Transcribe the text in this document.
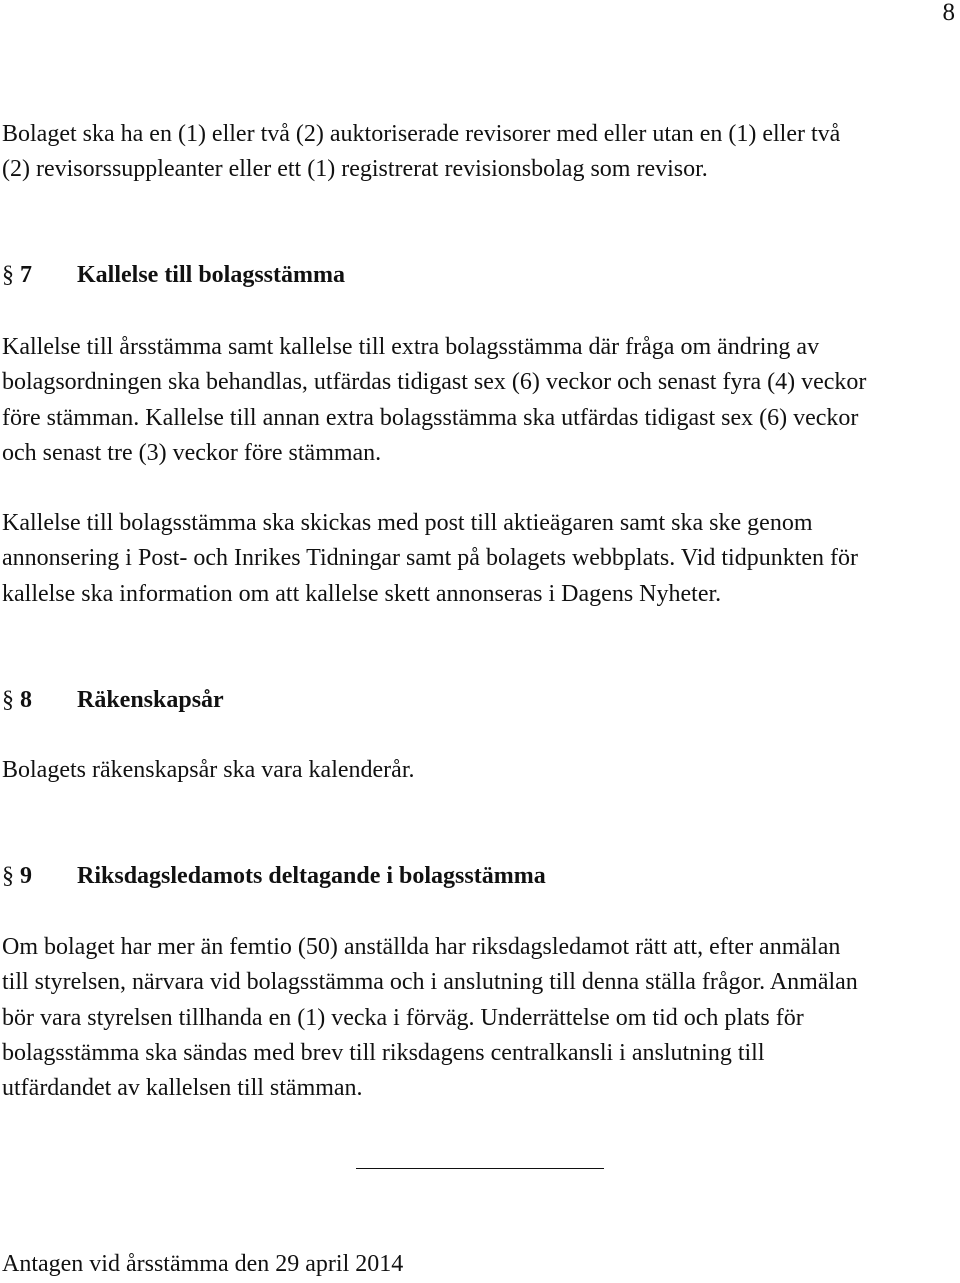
8

Bolaget ska ha en (1) eller två (2) auktoriserade revisorer med eller utan en (1) eller två
(2) revisorssuppleanter eller ett (1) registrerat revisionsbolag som revisor.

§ 7	Kallelse till bolagsstämma

Kallelse till årsstämma samt kallelse till extra bolagsstämma där fråga om ändring av
bolagsordningen ska behandlas, utfärdas tidigast sex (6) veckor och senast fyra (4) veckor
före stämman. Kallelse till annan extra bolagsstämma ska utfärdas tidigast sex (6) veckor
och senast tre (3) veckor före stämman.

Kallelse till bolagsstämma ska skickas med post till aktieägaren samt ska ske genom
annonsering i Post- och Inrikes Tidningar samt på bolagets webbplats. Vid tidpunkten för
kallelse ska information om att kallelse skett annonseras i Dagens Nyheter.

§ 8	Räkenskapsår

Bolagets räkenskapsår ska vara kalenderår.

§ 9	Riksdagsledamots deltagande i bolagsstämma

Om bolaget har mer än femtio (50) anställda har riksdagsledamot rätt att, efter anmälan
till styrelsen, närvara vid bolagsstämma och i anslutning till denna ställa frågor. Anmälan
bör vara styrelsen tillhanda en (1) vecka i förväg. Underrättelse om tid och plats för
bolagsstämma ska sändas med brev till riksdagens centralkansli i anslutning till
utfärdandet av kallelsen till stämman.

Antagen vid årsstämma den 29 april 2014
